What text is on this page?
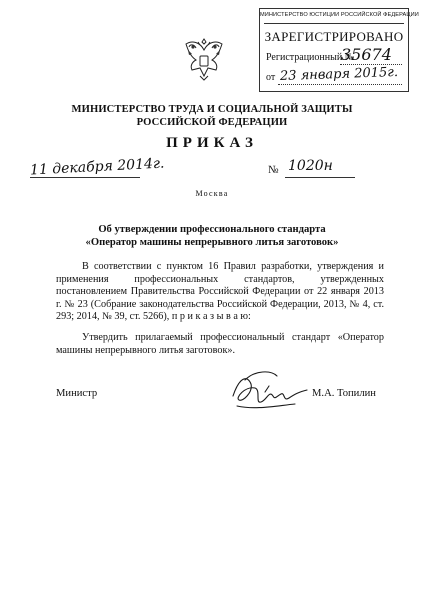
МИНИСТЕРСТВО ЮСТИЦИИ РОССИЙСКОЙ ФЕДЕРАЦИИ
ЗАРЕГИСТРИРОВАНО
Регистрационный №
35674
от 23 января 2015г.
МИНИСТЕРСТВО ТРУДА И СОЦИАЛЬНОЙ ЗАЩИТЫ
РОССИЙСКОЙ ФЕДЕРАЦИИ
ПРИКАЗ
11 декабря 2014г.	№ 1020н
Москва
Об утверждении профессионального стандарта
«Оператор машины непрерывного литья заготовок»
В соответствии с пунктом 16 Правил разработки, утверждения и применения профессиональных стандартов, утвержденных постановлением Правительства Российской Федерации от 22 января 2013 г. № 23 (Собрание законодательства Российской Федерации, 2013, № 4, ст. 293; 2014, № 39, ст. 5266), п р и к а з ы в а ю:
Утвердить прилагаемый профессиональный стандарт «Оператор машины непрерывного литья заготовок».
Министр	М.А. Топилин
